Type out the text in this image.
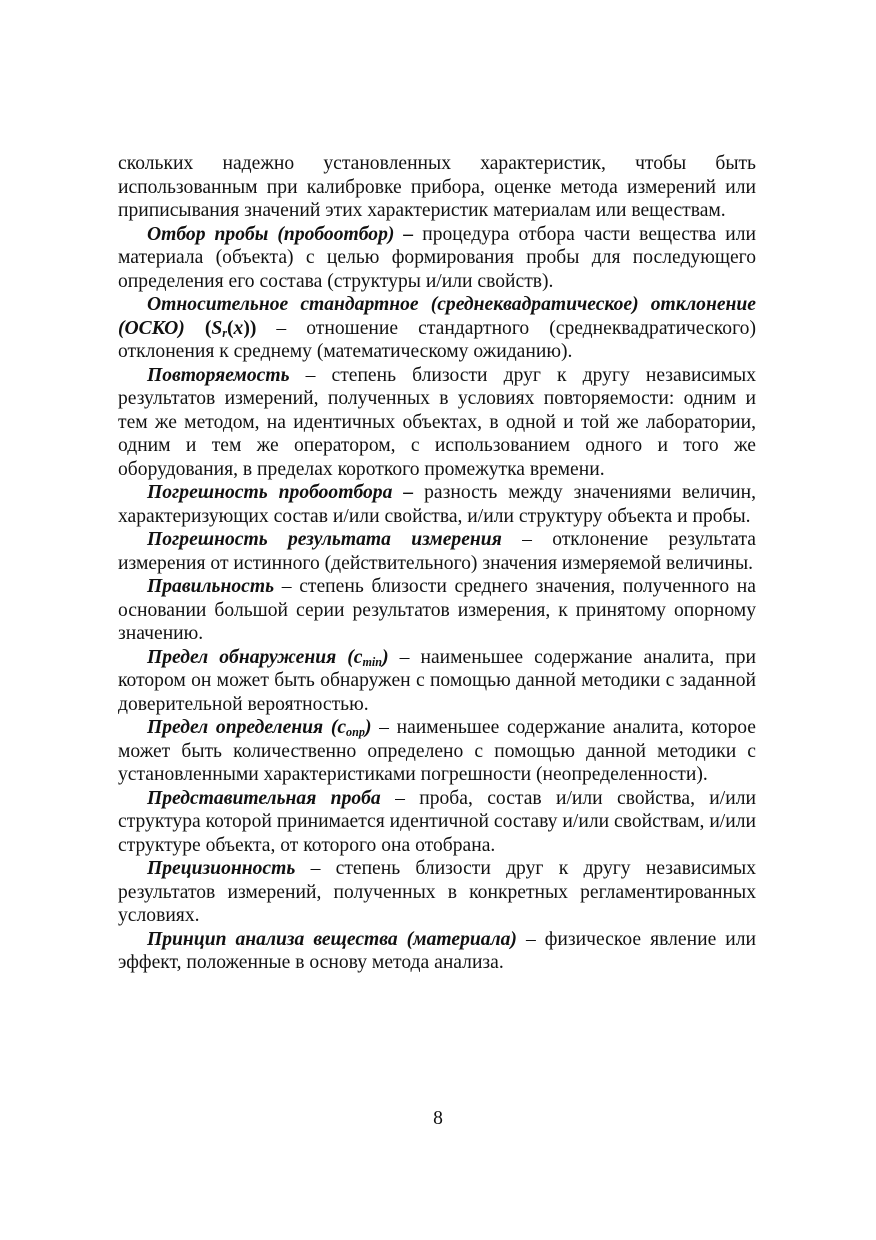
скольких надежно установленных характеристик, чтобы быть использованным при калибровке прибора, оценке метода измерений или приписывания значений этих характеристик материалам или веществам.

Отбор пробы (пробоотбор) – процедура отбора части вещества или материала (объекта) с целью формирования пробы для последующего определения его состава (структуры и/или свойств).

Относительное стандартное (среднеквадратическое) отклонение (ОСКО) $(S_r(x))$ – отношение стандартного (среднеквадратического) отклонения к среднему (математическому ожиданию).

Повторяемость – степень близости друг к другу независимых результатов измерений, полученных в условиях повторяемости: одним и тем же методом, на идентичных объектах, в одной и той же лаборатории, одним и тем же оператором, с использованием одного и того же оборудования, в пределах короткого промежутка времени.

Погрешность пробоотбора – разность между значениями величин, характеризующих состав и/или свойства, и/или структуру объекта и пробы.

Погрешность результата измерения – отклонение результата измерения от истинного (действительного) значения измеряемой величины.

Правильность – степень близости среднего значения, полученного на основании большой серии результатов измерения, к принятому опорному значению.

Предел обнаружения $(c_{min})$ – наименьшее содержание аналита, при котором он может быть обнаружен с помощью данной методики с заданной доверительной вероятностью.

Предел определения $(c_{опр})$ – наименьшее содержание аналита, которое может быть количественно определено с помощью данной методики с установленными характеристиками погрешности (неопределенности).

Представительная проба – проба, состав и/или свойства, и/или структура которой принимается идентичной составу и/или свойствам, и/или структуре объекта, от которого она отобрана.

Прецизионность – степень близости друг к другу независимых результатов измерений, полученных в конкретных регламентированных условиях.

Принцип анализа вещества (материала) – физическое явление или эффект, положенные в основу метода анализа.

8
